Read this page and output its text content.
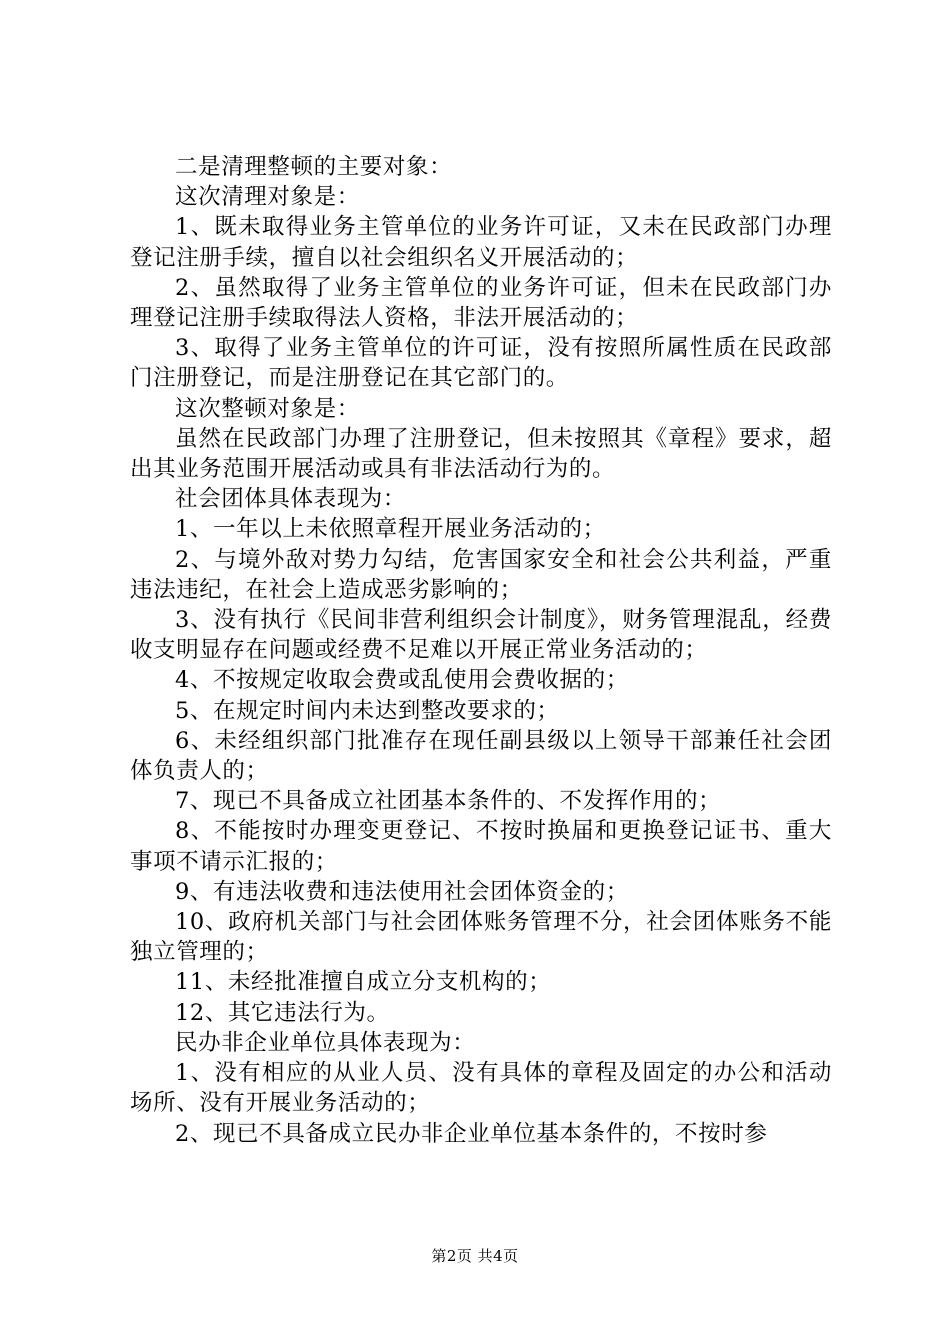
二是清理整顿的主要对象：

这次清理对象是：

1、既未取得业务主管单位的业务许可证，又未在民政部门办理登记注册手续，擅自以社会组织名义开展活动的；

2、虽然取得了业务主管单位的业务许可证，但未在民政部门办理登记注册手续取得法人资格，非法开展活动的；

3、取得了业务主管单位的许可证，没有按照所属性质在民政部门注册登记，而是注册登记在其它部门的。

这次整顿对象是：

虽然在民政部门办理了注册登记，但未按照其《章程》要求，超出其业务范围开展活动或具有非法活动行为的。

社会团体具体表现为：

1、一年以上未依照章程开展业务活动的；

2、与境外敌对势力勾结，危害国家安全和社会公共利益，严重违法违纪，在社会上造成恶劣影响的；

3、没有执行《民间非营利组织会计制度》，财务管理混乱，经费收支明显存在问题或经费不足难以开展正常业务活动的；

4、不按规定收取会费或乱使用会费收据的；

5、在规定时间内未达到整改要求的；

6、未经组织部门批准存在现任副县级以上领导干部兼任社会团体负责人的；

7、现已不具备成立社团基本条件的、不发挥作用的；

8、不能按时办理变更登记、不按时换届和更换登记证书、重大事项不请示汇报的；

9、有违法收费和违法使用社会团体资金的；

10、政府机关部门与社会团体账务管理不分，社会团体账务不能独立管理的；

11、未经批准擅自成立分支机构的；

12、其它违法行为。

民办非企业单位具体表现为：

1、没有相应的从业人员、没有具体的章程及固定的办公和活动场所、没有开展业务活动的；

2、现已不具备成立民办非企业单位基本条件的，不按时参

第2页 共4页
